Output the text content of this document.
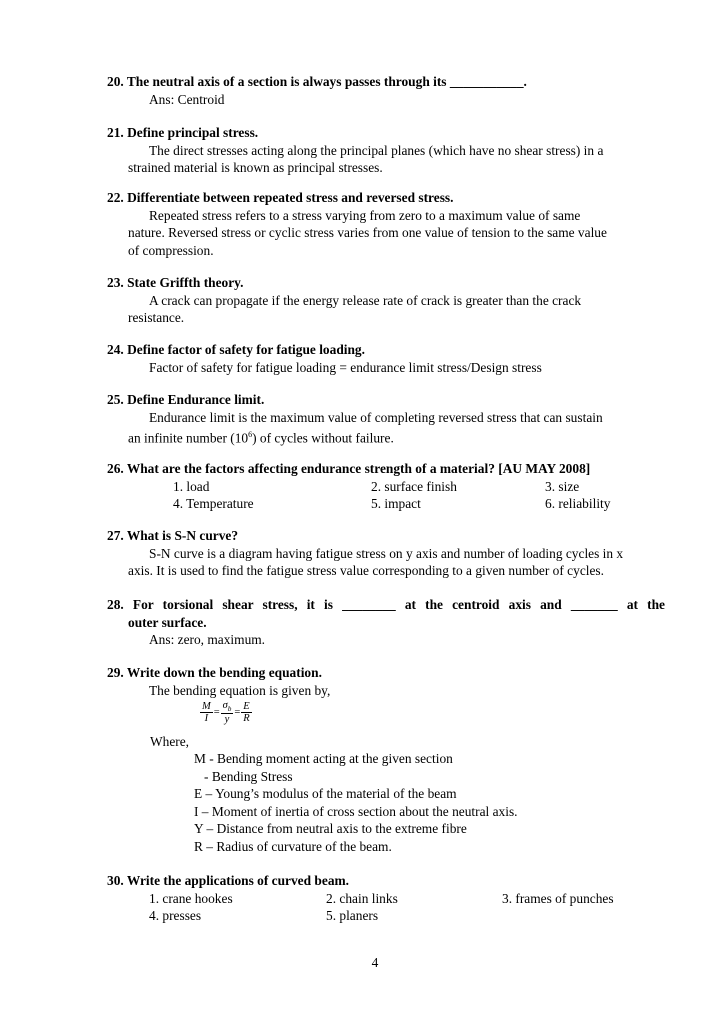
20. The neutral axis of a section is always passes through its ___________.
Ans: Centroid
21. Define principal stress.
The direct stresses acting along the principal planes (which have no shear stress) in a
strained material is known as principal stresses.
22. Differentiate between repeated stress and reversed stress.
Repeated stress refers to a stress varying from zero to a maximum value of same
nature. Reversed stress or cyclic stress varies from one value of tension to the same value
of compression.
23. State Griffth theory.
A crack can propagate if the energy release rate of crack is greater than the crack
resistance.
24. Define factor of safety for fatigue loading.
Factor of safety for fatigue loading = endurance limit stress/Design stress
25. Define Endurance limit.
Endurance limit is the maximum value of completing reversed stress that can sustain
an infinite number $(10^6)$ of cycles without failure.
26. What are the factors affecting endurance strength of a material? [AU MAY 2008]
1. load	2. surface finish	3. size
4. Temperature	5. impact	6. reliability
27. What is S-N curve?
S-N curve is a diagram having fatigue stress on y axis and number of loading cycles in x
axis. It is used to find the fatigue stress value corresponding to a given number of cycles.
28. For torsional shear stress, it is ________ at the centroid axis and _______ at the
outer surface.
Ans: zero, maximum.
29. Write down the bending equation.
The bending equation is given by,
$\frac{M}{I} = \frac{\sigma_b}{y} = \frac{E}{R}$
Where,
M - Bending moment acting at the given section
- Bending Stress
E – Young’s modulus of the material of the beam
I – Moment of inertia of cross section about the neutral axis.
Y – Distance from neutral axis to the extreme fibre
R – Radius of curvature of the beam.
30. Write the applications of curved beam.
1. crane hookes	2. chain links	3. frames of punches
4. presses	5. planers
4
